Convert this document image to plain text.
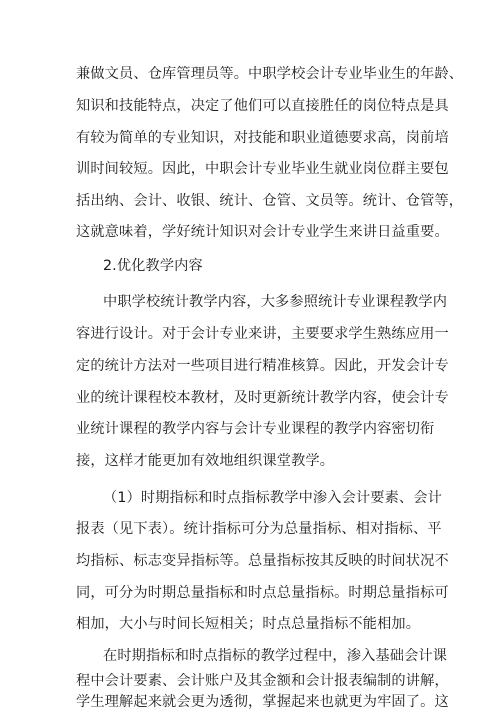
兼做文员、仓库管理员等。中职学校会计专业毕业生的年龄、
知识和技能特点，决定了他们可以直接胜任的岗位特点是具
有较为简单的专业知识，对技能和职业道德要求高，岗前培
训时间较短。因此，中职会计专业毕业生就业岗位群主要包
括出纳、会计、收银、统计、仓管、文员等。统计、仓管等，
这就意味着，学好统计知识对会计专业学生来讲日益重要。
2.优化教学内容
中职学校统计教学内容，大多参照统计专业课程教学内
容进行设计。对于会计专业来讲，主要要求学生熟练应用一
定的统计方法对一些项目进行精准核算。因此，开发会计专
业的统计课程校本教材，及时更新统计教学内容，使会计专
业统计课程的教学内容与会计专业课程的教学内容密切衔
接，这样才能更加有效地组织课堂教学。
（1）时期指标和时点指标教学中渗入会计要素、会计
报表（见下表）。统计指标可分为总量指标、相对指标、平
均指标、标志变异指标等。总量指标按其反映的时间状况不
同，可分为时期总量指标和时点总量指标。时期总量指标可
相加，大小与时间长短相关；时点总量指标不能相加。
在时期指标和时点指标的教学过程中，渗入基础会计课
程中会计要素、会计账户及其金额和会计报表编制的讲解，
学生理解起来就会更为透彻，掌握起来也就更为牢固了。这
